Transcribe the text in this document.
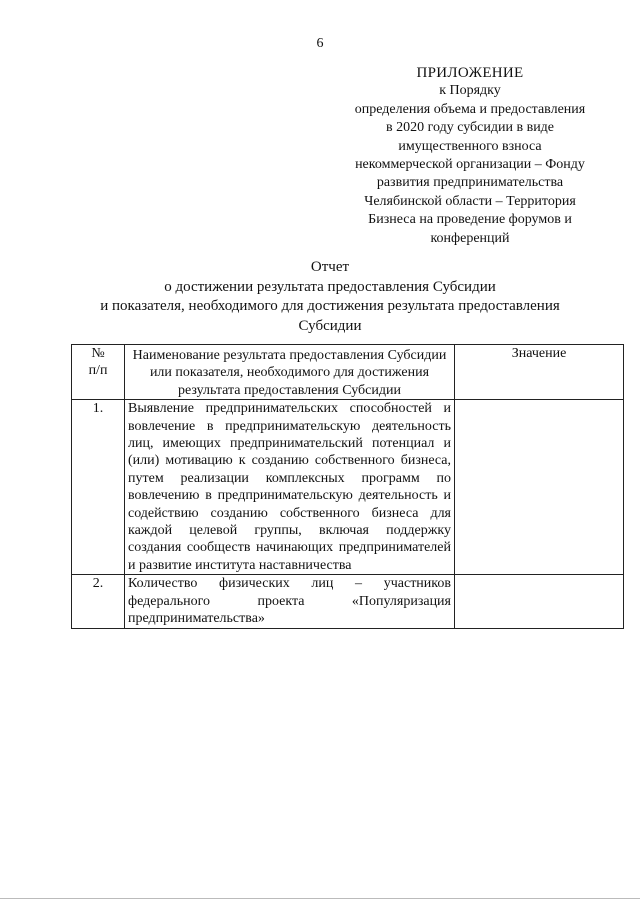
6
ПРИЛОЖЕНИЕ
к Порядку
определения объема и предоставления
в 2020 году субсидии в виде
имущественного взноса
некоммерческой организации – Фонду
развития предпринимательства
Челябинской области – Территория
Бизнеса на проведение форумов и
конференций
Отчет
о достижении результата предоставления Субсидии
и показателя, необходимого для достижения результата предоставления
Субсидии
№
п/п	Наименование результата предоставления Субсидии или показателя, необходимого для достижения результата предоставления Субсидии	Значение
1.	Выявление предпринимательских способностей и вовлечение в предпринимательскую деятельность лиц, имеющих предпринимательский потенциал и (или) мотивацию к созданию собственного бизнеса, путем реализации комплексных программ по вовлечению в предпринимательскую деятельность и содействию созданию собственного бизнеса для каждой целевой группы, включая поддержку создания сообществ начинающих предпринимателей и развитие института наставничества	
2.	Количество физических лиц – участников федерального проекта «Популяризация предпринимательства»	
